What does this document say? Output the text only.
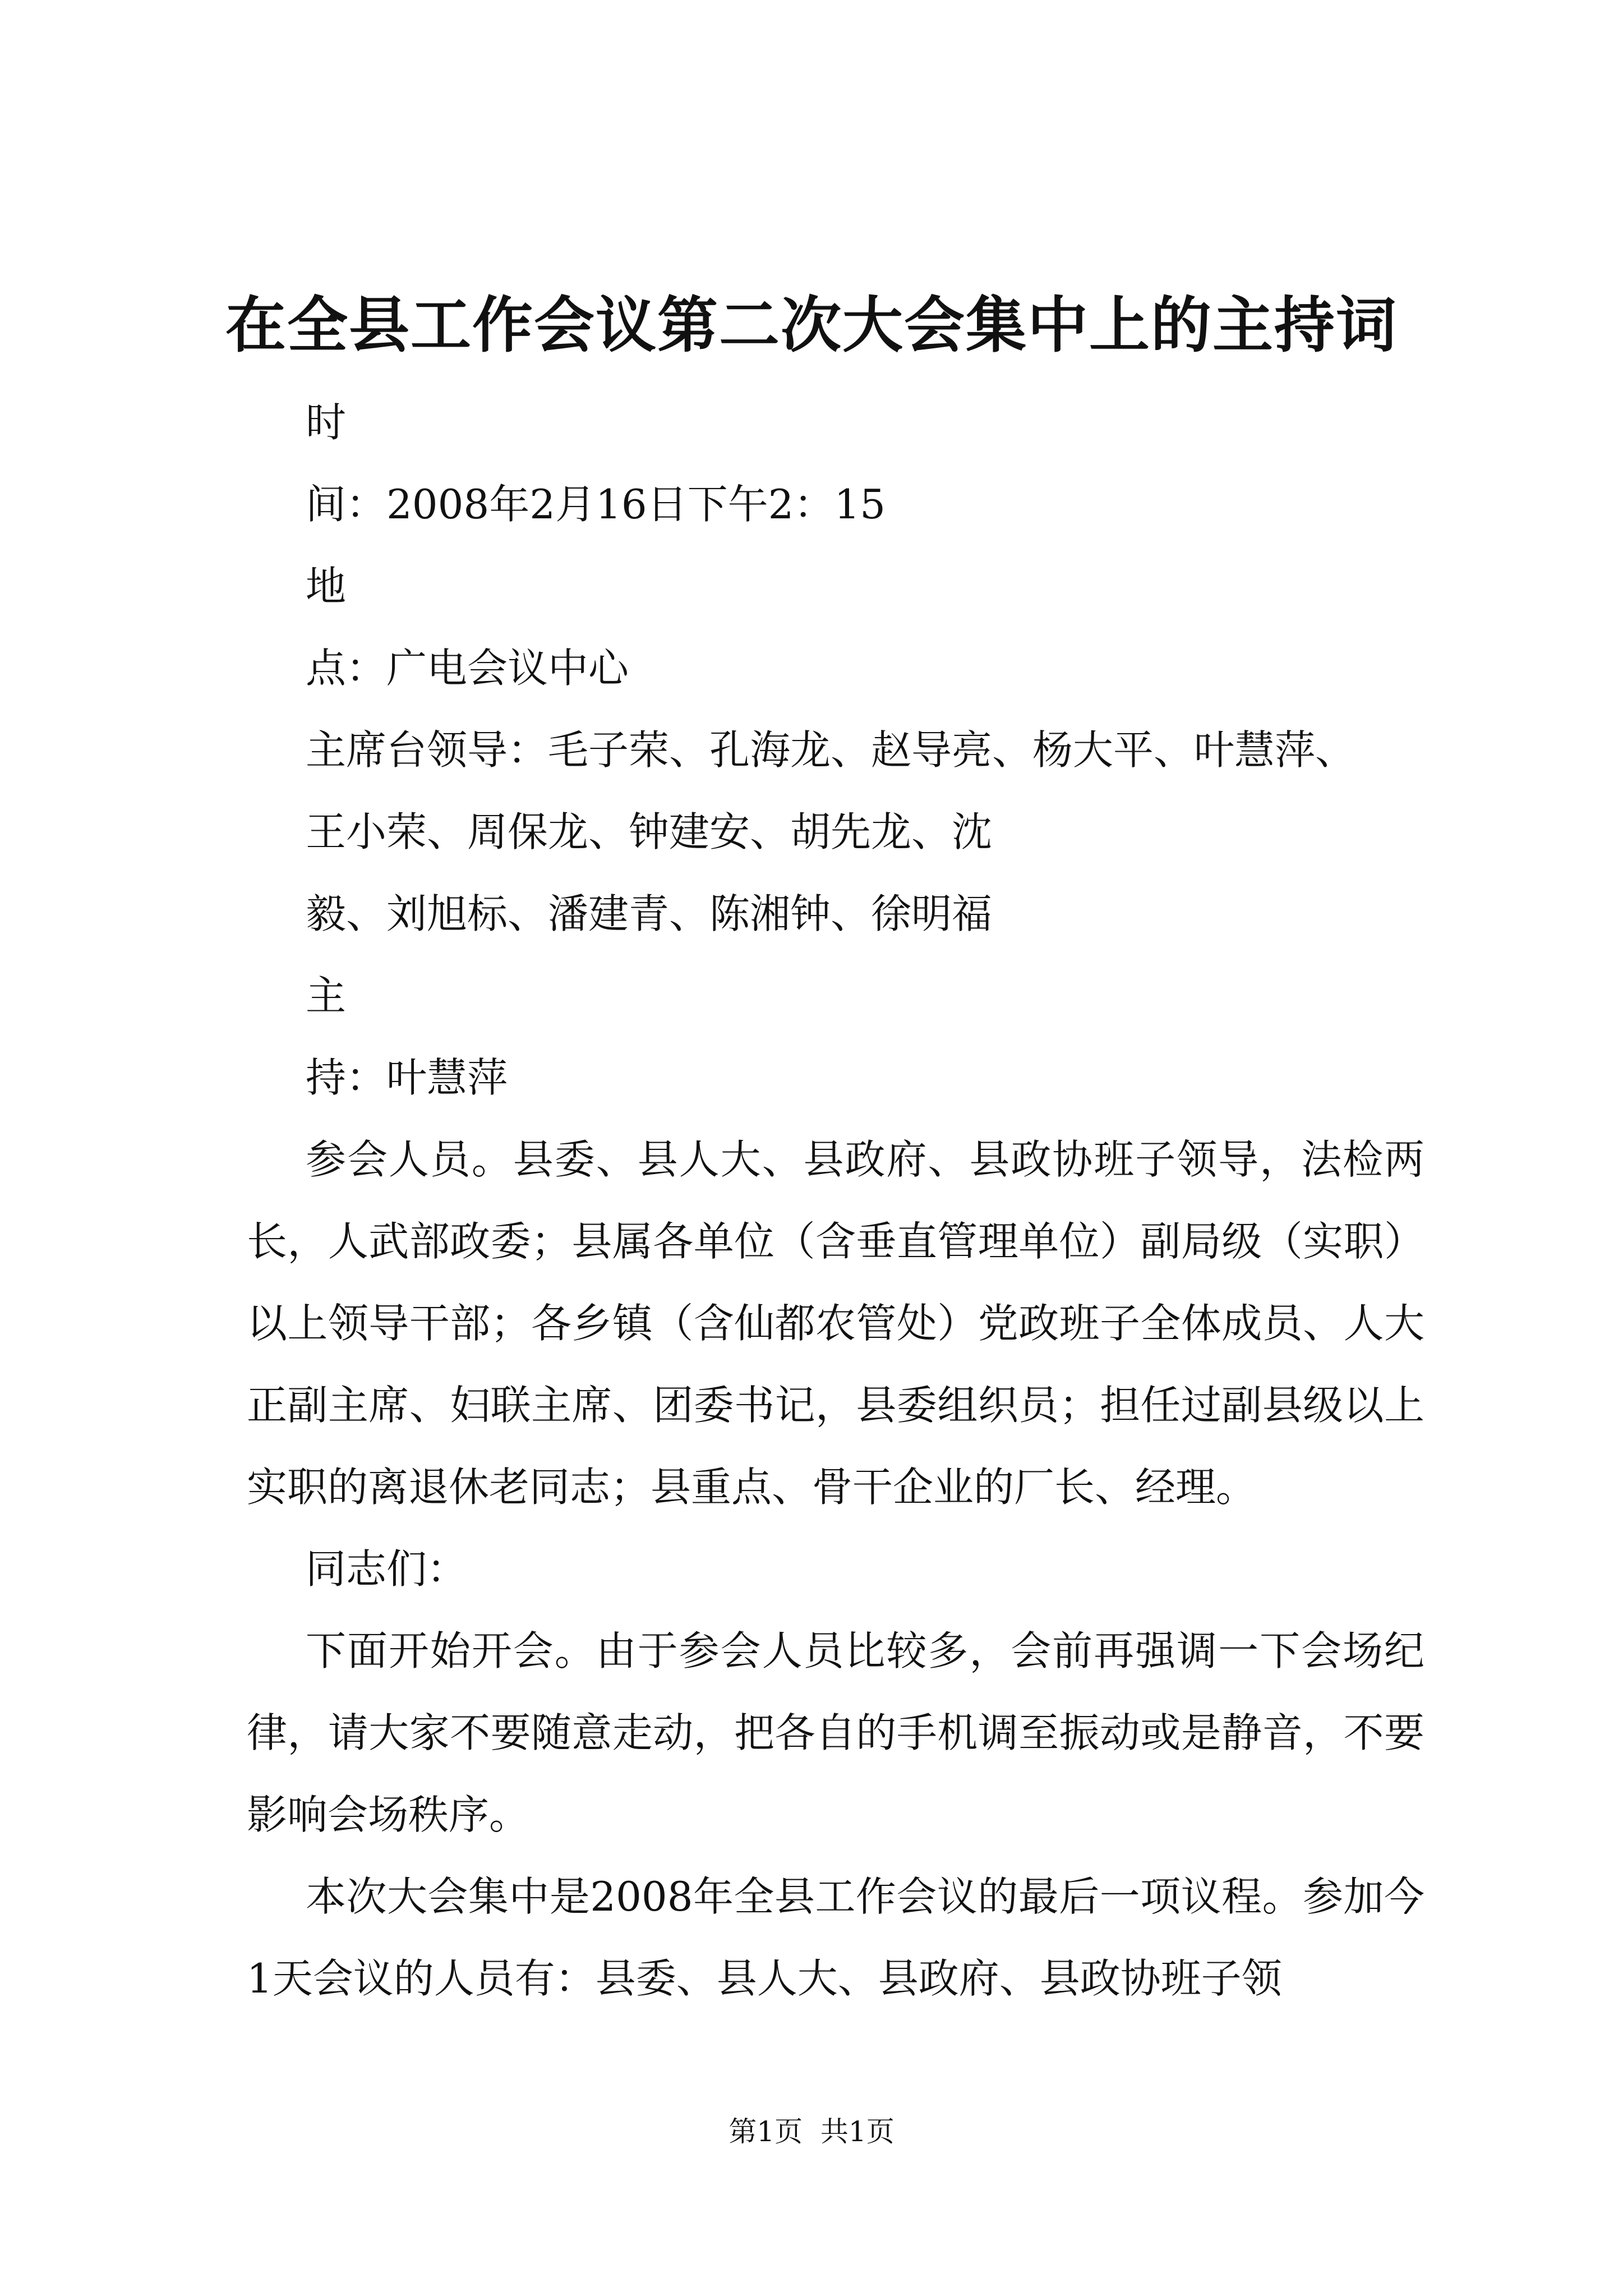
在全县工作会议第二次大会集中上的主持词
时
间：2008年2月16日下午2：15
地
点：广电会议中心
主席台领导：毛子荣、孔海龙、赵导亮、杨大平、叶慧萍、
王小荣、周保龙、钟建安、胡先龙、沈
毅、刘旭标、潘建青、陈湘钟、徐明福
主
持：叶慧萍

参会人员。县委、县人大、县政府、县政协班子领导，法检两长，人武部政委；县属各单位（含垂直管理单位）副局级（实职）以上领导干部；各乡镇（含仙都农管处）党政班子全体成员、人大正副主席、妇联主席、团委书记，县委组织员；担任过副县级以上实职的离退休老同志；县重点、骨干企业的厂长、经理。

同志们：

下面开始开会。由于参会人员比较多，会前再强调一下会场纪律，请大家不要随意走动，把各自的手机调至振动或是静音，不要影响会场秩序。

本次大会集中是2008年全县工作会议的最后一项议程。参加今1天会议的人员有：县委、县人大、县政府、县政协班子领

第1页  共1页
